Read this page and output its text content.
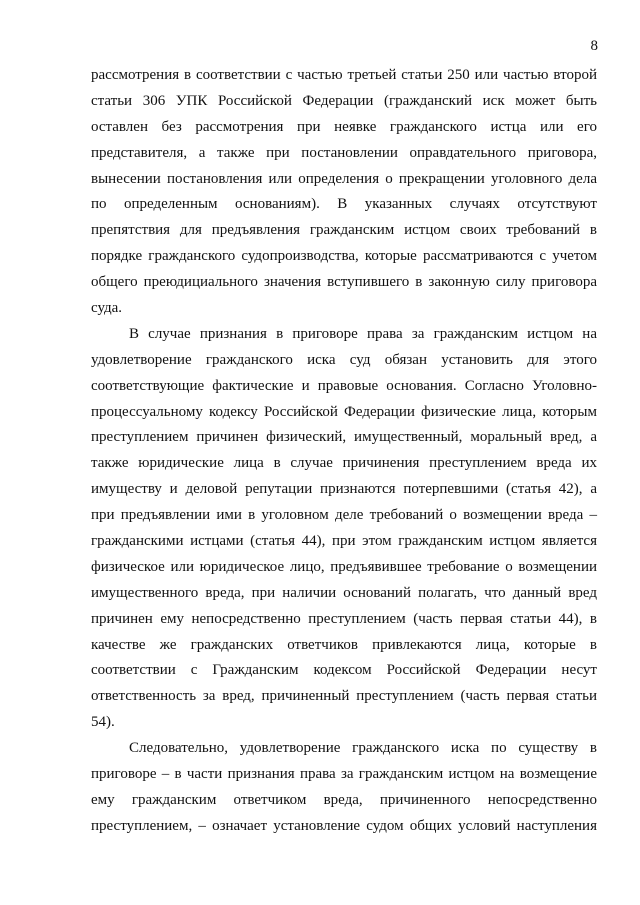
8
рассмотрения в соответствии с частью третьей статьи 250 или частью второй
статьи 306 УПК Российской Федерации (гражданский иск может быть
оставлен без рассмотрения при неявке гражданского истца или его
представителя, а также при постановлении оправдательного приговора,
вынесении постановления или определения о прекращении уголовного дела
по определенным основаниям). В указанных случаях отсутствуют
препятствия для предъявления гражданским истцом своих требований в
порядке гражданского судопроизводства, которые рассматриваются с учетом
общего преюдициального значения вступившего в законную силу приговора
суда.
В случае признания в приговоре права за гражданским истцом на
удовлетворение гражданского иска суд обязан установить для этого
соответствующие фактические и правовые основания. Согласно Уголовно-
процессуальному кодексу Российской Федерации физические лица, которым
преступлением причинен физический, имущественный, моральный вред, а
также юридические лица в случае причинения преступлением вреда их
имуществу и деловой репутации признаются потерпевшими (статья 42), а
при предъявлении ими в уголовном деле требований о возмещении вреда –
гражданскими истцами (статья 44), при этом гражданским истцом является
физическое или юридическое лицо, предъявившее требование о возмещении
имущественного вреда, при наличии оснований полагать, что данный вред
причинен ему непосредственно преступлением (часть первая статьи 44), в
качестве же гражданских ответчиков привлекаются лица, которые в
соответствии с Гражданским кодексом Российской Федерации несут
ответственность за вред, причиненный преступлением (часть первая статьи
54).
Следовательно, удовлетворение гражданского иска по существу в
приговоре – в части признания права за гражданским истцом на возмещение
ему гражданским ответчиком вреда, причиненного непосредственно
преступлением, – означает установление судом общих условий наступления
